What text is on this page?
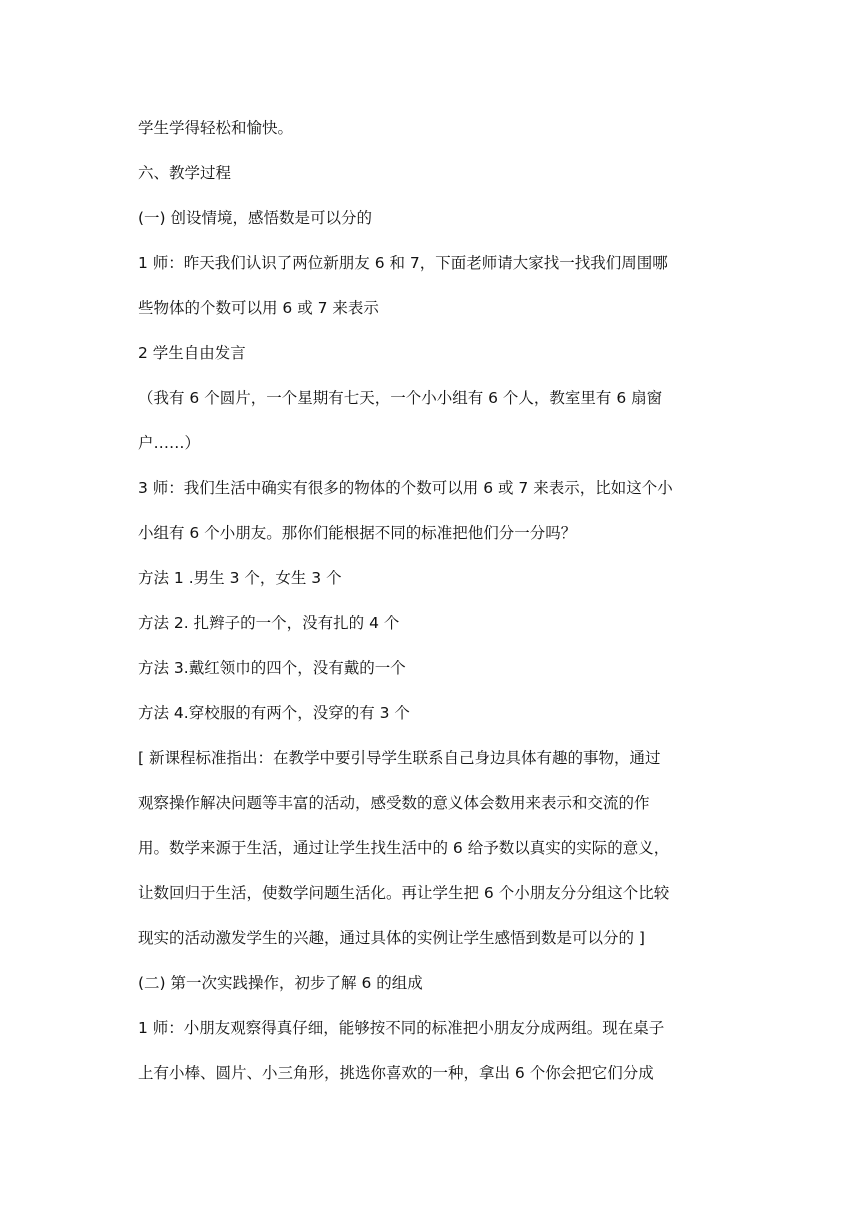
学生学得轻松和愉快。
六、教学过程
(一) 创设情境，感悟数是可以分的
1 师：昨天我们认识了两位新朋友 6 和 7，下面老师请大家找一找我们周围哪
些物体的个数可以用 6 或 7 来表示
2 学生自由发言
（我有 6 个圆片，一个星期有七天，一个小小组有 6 个人，教室里有 6 扇窗
户……）
3 师：我们生活中确实有很多的物体的个数可以用 6 或 7 来表示，比如这个小
小组有 6 个小朋友。那你们能根据不同的标准把他们分一分吗？
方法 1 .男生 3 个，女生 3 个
方法 2. 扎辫子的一个，没有扎的 4 个
方法 3.戴红领巾的四个，没有戴的一个
方法 4.穿校服的有两个，没穿的有 3 个
[ 新课程标准指出：在教学中要引导学生联系自己身边具体有趣的事物，通过
观察操作解决问题等丰富的活动，感受数的意义体会数用来表示和交流的作
用。数学来源于生活，通过让学生找生活中的 6 给予数以真实的实际的意义，
让数回归于生活，使数学问题生活化。再让学生把 6 个小朋友分分组这个比较
现实的活动激发学生的兴趣，通过具体的实例让学生感悟到数是可以分的 ]
(二) 第一次实践操作，初步了解 6 的组成
1 师：小朋友观察得真仔细，能够按不同的标准把小朋友分成两组。现在桌子
上有小棒、圆片、小三角形，挑选你喜欢的一种，拿出 6 个你会把它们分成
